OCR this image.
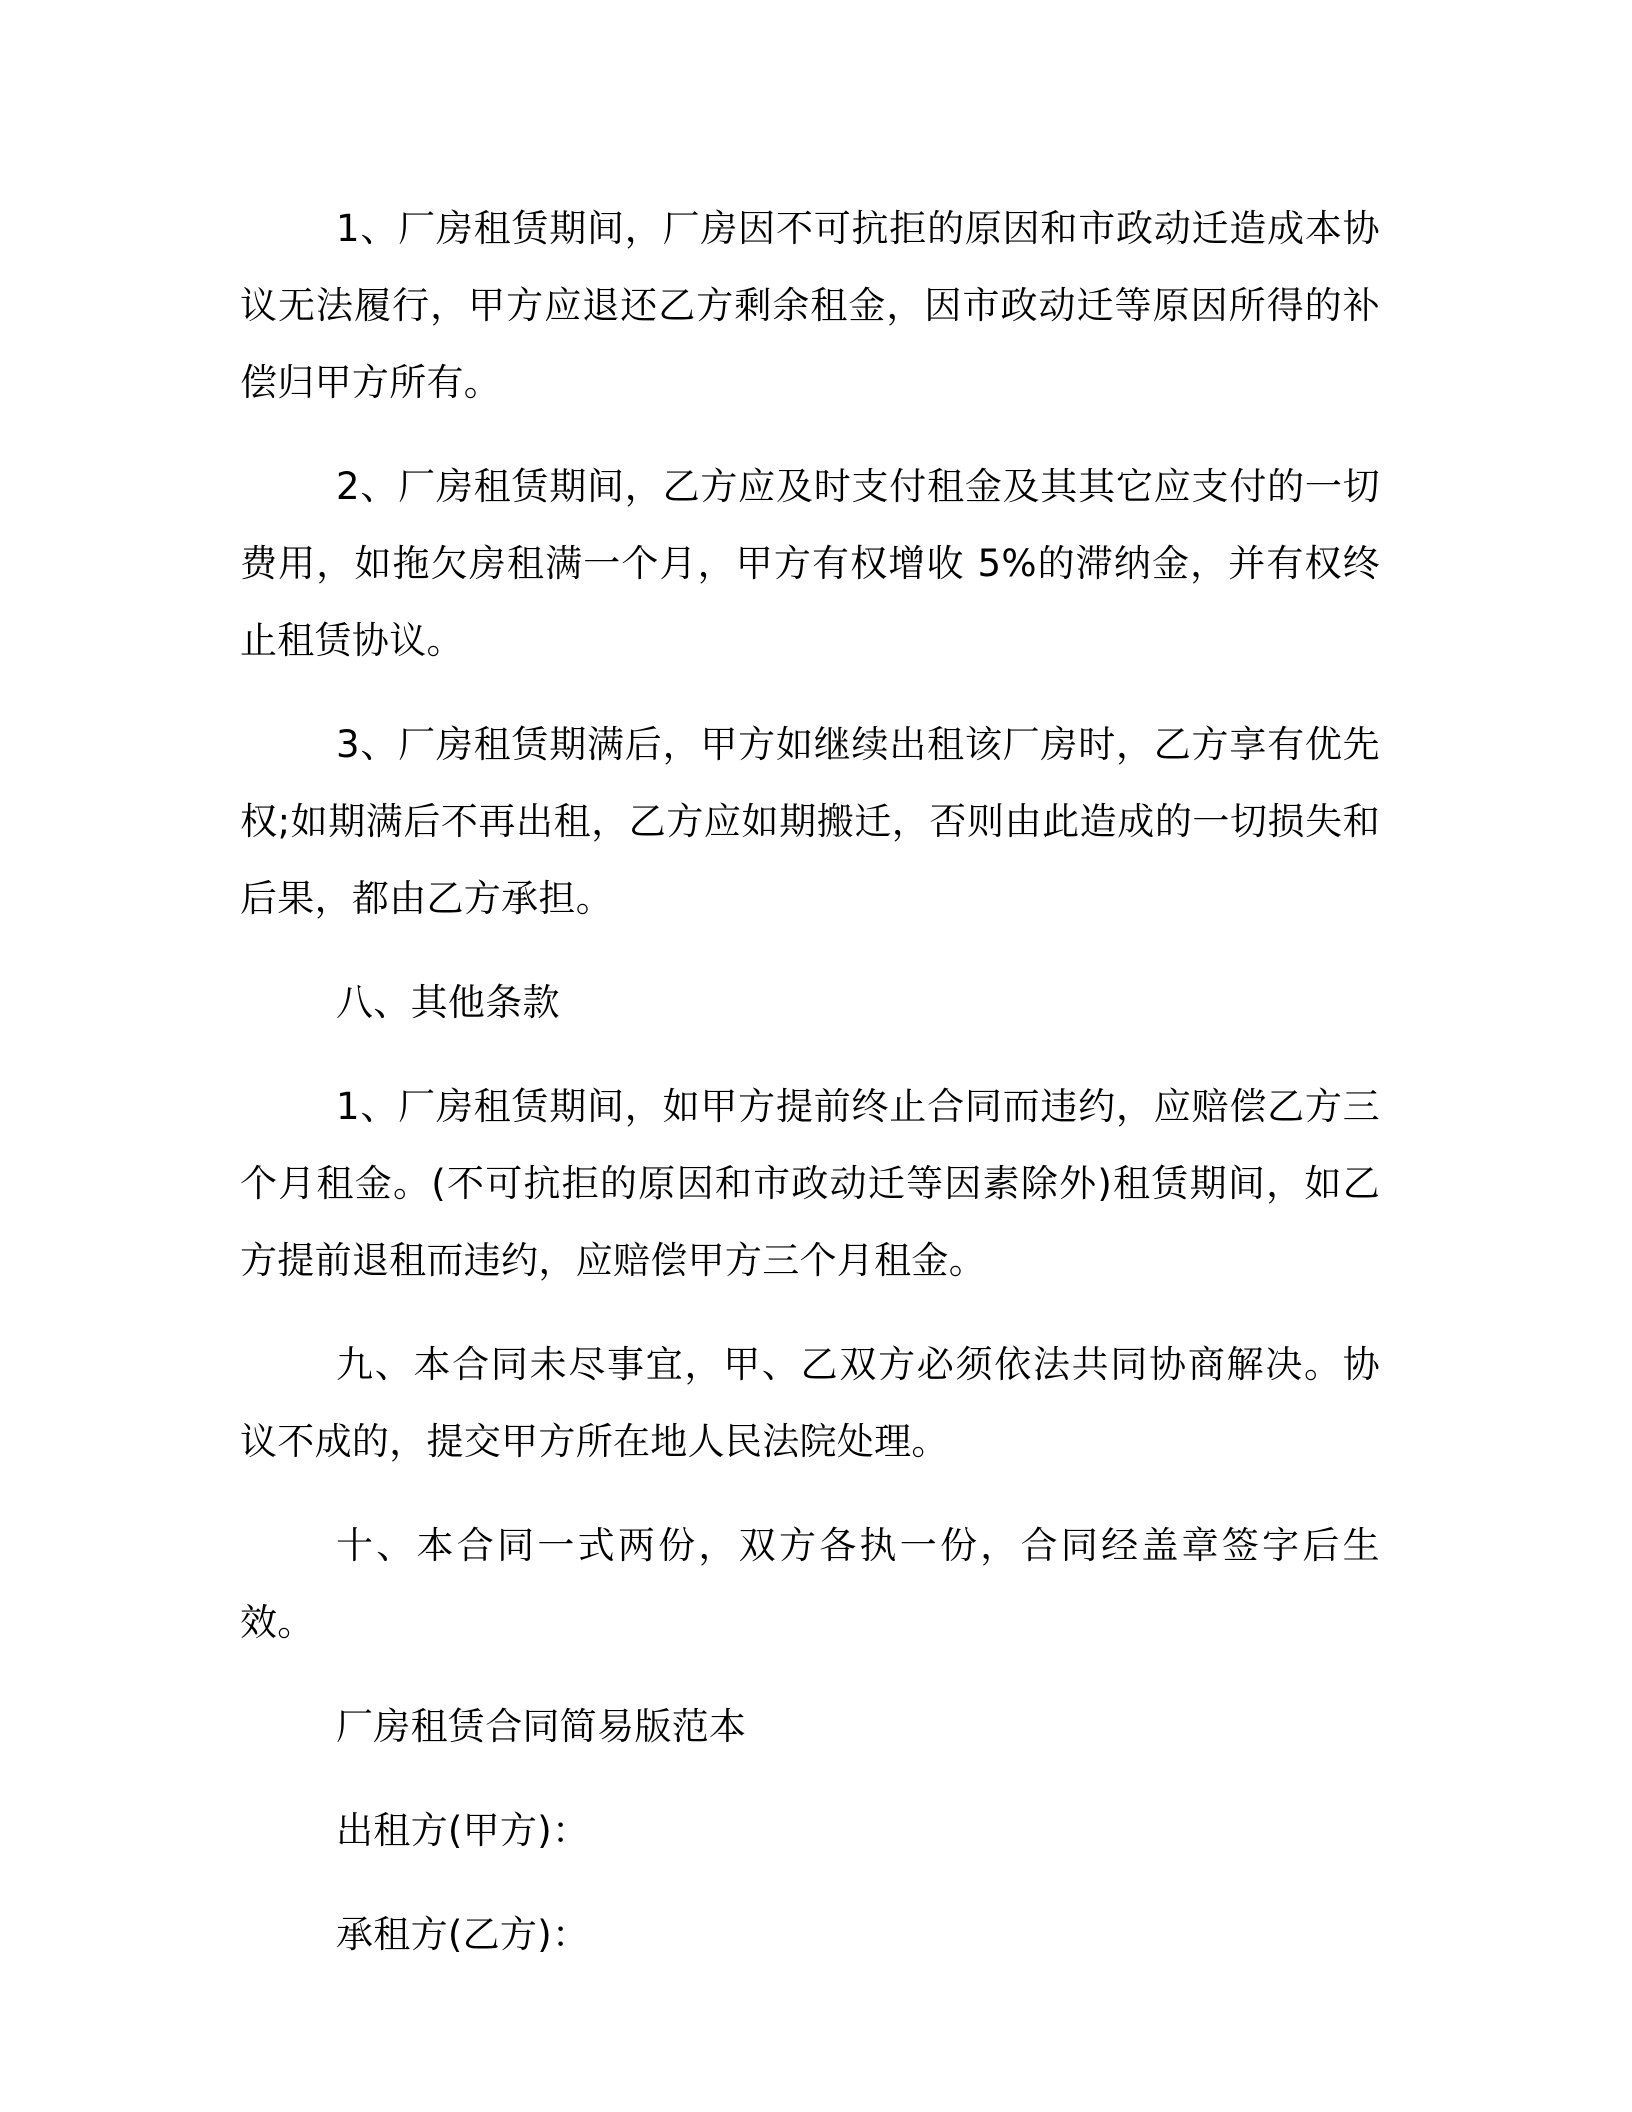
1、厂房租赁期间，厂房因不可抗拒的原因和市政动迁造成本协议无法履行，甲方应退还乙方剩余租金，因市政动迁等原因所得的补偿归甲方所有。

2、厂房租赁期间，乙方应及时支付租金及其其它应支付的一切费用，如拖欠房租满一个月，甲方有权增收 5%的滞纳金，并有权终止租赁协议。

3、厂房租赁期满后，甲方如继续出租该厂房时，乙方享有优先权;如期满后不再出租，乙方应如期搬迁，否则由此造成的一切损失和后果，都由乙方承担。

八、其他条款

1、厂房租赁期间，如甲方提前终止合同而违约，应赔偿乙方三个月租金。(不可抗拒的原因和市政动迁等因素除外)租赁期间，如乙方提前退租而违约，应赔偿甲方三个月租金。

九、本合同未尽事宜，甲、乙双方必须依法共同协商解决。协议不成的，提交甲方所在地人民法院处理。

十、本合同一式两份，双方各执一份，合同经盖章签字后生效。

厂房租赁合同简易版范本

出租方(甲方)：

承租方(乙方)：
